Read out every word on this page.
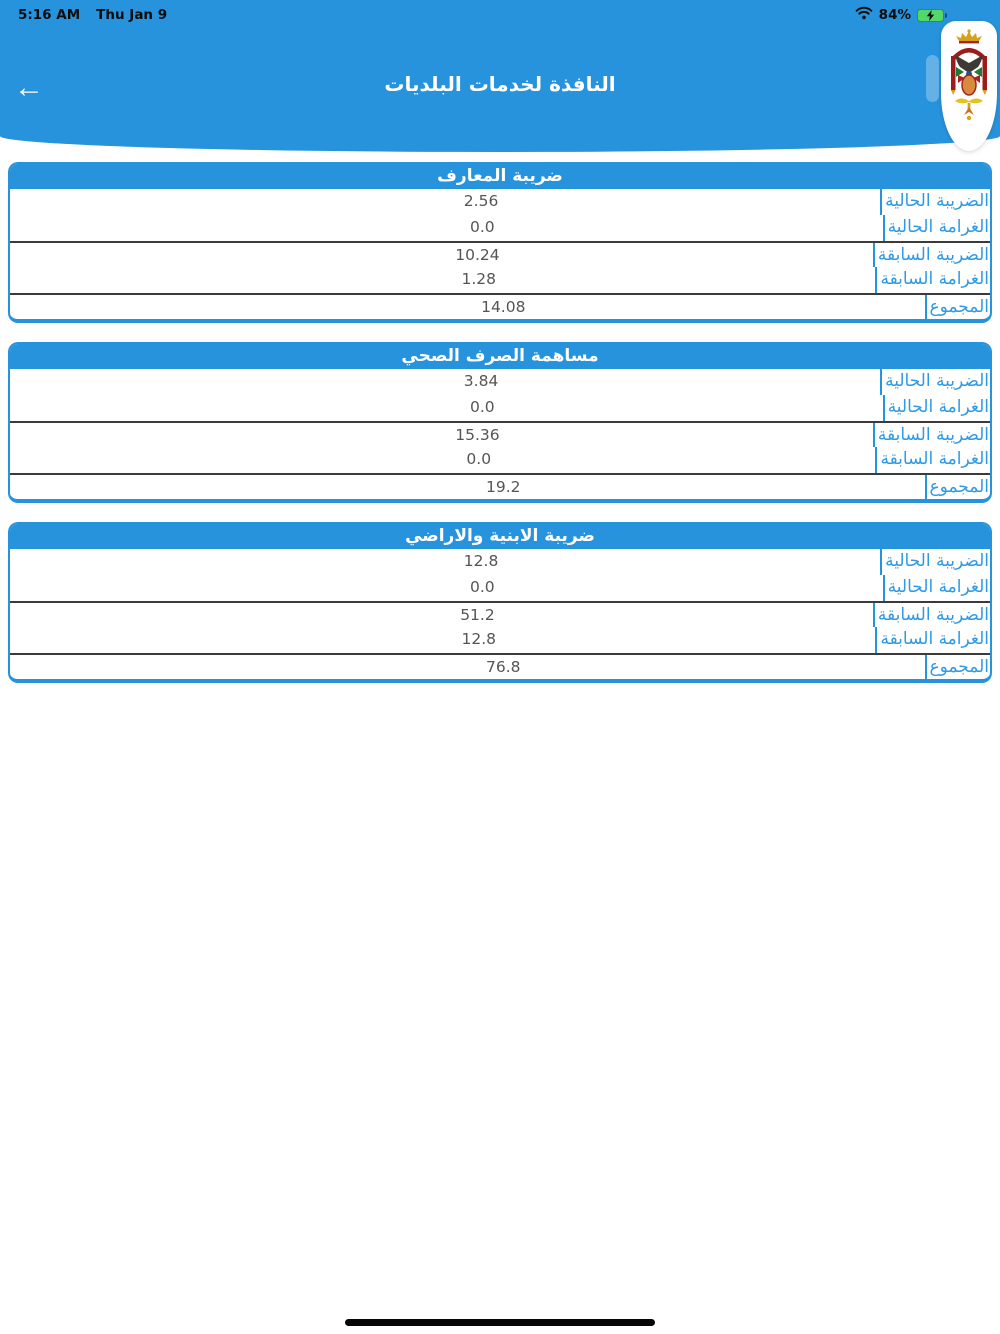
5:16 AM Thu Jan 9	84%
←	النافذة لخدمات البلديات
ضريبة المعارف
2.56	الضريبة الحالية
0.0	الغرامة الحالية
10.24	الضريبة السابقة
1.28	الغرامة السابقة
14.08	المجموع
مساهمة الصرف الصحي
3.84	الضريبة الحالية
0.0	الغرامة الحالية
15.36	الضريبة السابقة
0.0	الغرامة السابقة
19.2	المجموع
ضريبة الابنية والاراضي
12.8	الضريبة الحالية
0.0	الغرامة الحالية
51.2	الضريبة السابقة
12.8	الغرامة السابقة
76.8	المجموع
